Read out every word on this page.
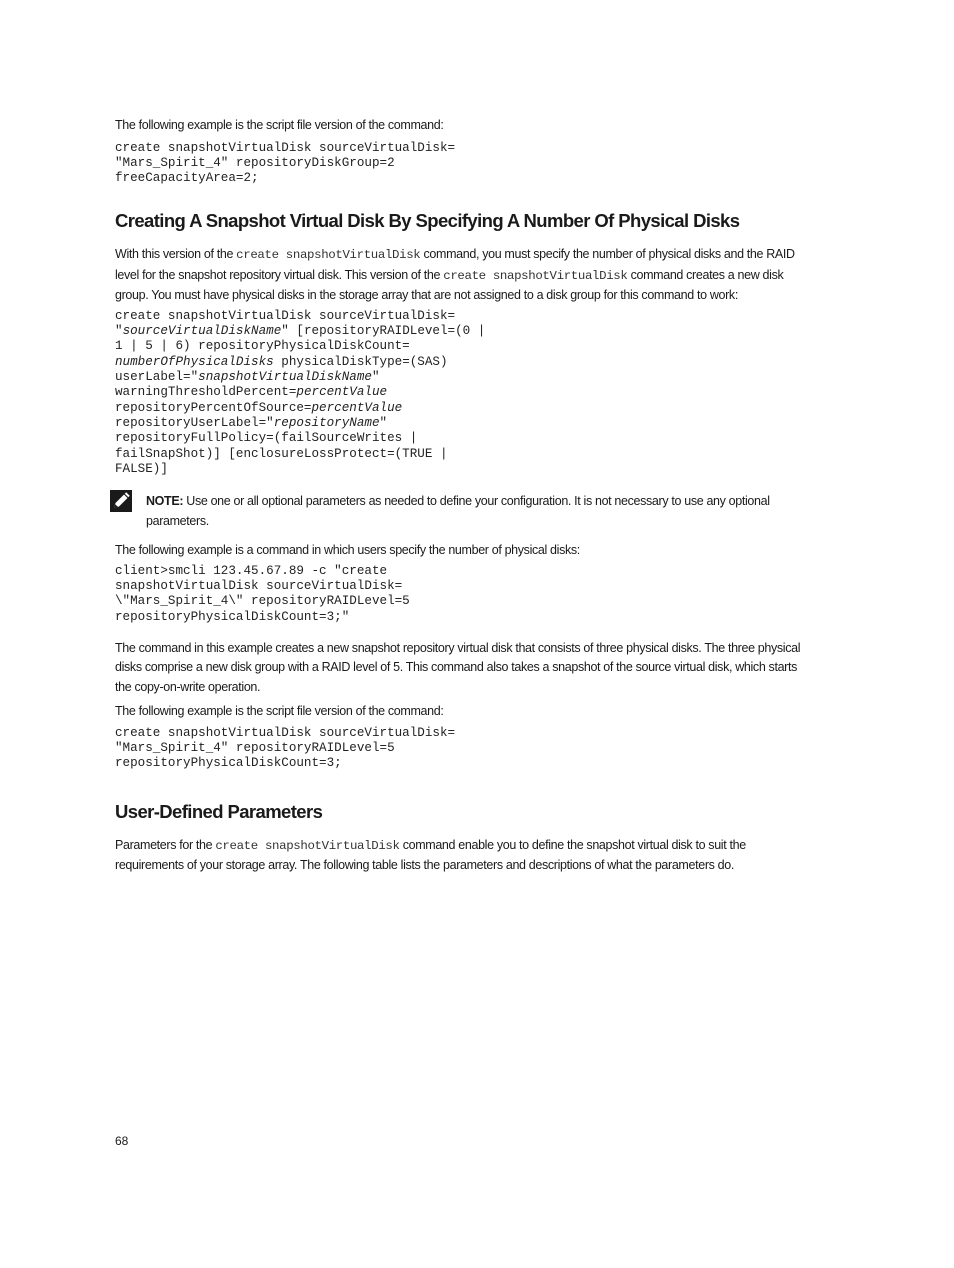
The following example is the script file version of the command:

create snapshotVirtualDisk sourceVirtualDisk=
"Mars_Spirit_4" repositoryDiskGroup=2
freeCapacityArea=2;
Creating A Snapshot Virtual Disk By Specifying A Number Of Physical Disks

With this version of the create snapshotVirtualDisk command, you must specify the number of physical disks and the RAID level for the snapshot repository virtual disk. This version of the create snapshotVirtualDisk command creates a new disk group. You must have physical disks in the storage array that are not assigned to a disk group for this command to work:

create snapshotVirtualDisk sourceVirtualDisk=
"sourceVirtualDiskName" [repositoryRAIDLevel=(0 |
1 | 5 | 6) repositoryPhysicalDiskCount=
numberOfPhysicalDisks physicalDiskType=(SAS)
userLabel="snapshotVirtualDiskName"
warningThresholdPercent=percentValue
repositoryPercentOfSource=percentValue
repositoryUserLabel="repositoryName"
repositoryFullPolicy=(failSourceWrites |
failSnapShot)] [enclosureLossProtect=(TRUE |
FALSE)]

NOTE: Use one or all optional parameters as needed to define your configuration. It is not necessary to use any optional parameters.

The following example is a command in which users specify the number of physical disks:

client>smcli 123.45.67.89 -c "create
snapshotVirtualDisk sourceVirtualDisk=
\"Mars_Spirit_4\" repositoryRAIDLevel=5
repositoryPhysicalDiskCount=3;"

The command in this example creates a new snapshot repository virtual disk that consists of three physical disks. The three physical disks comprise a new disk group with a RAID level of 5. This command also takes a snapshot of the source virtual disk, which starts the copy-on-write operation.

The following example is the script file version of the command:

create snapshotVirtualDisk sourceVirtualDisk=
"Mars_Spirit_4" repositoryRAIDLevel=5
repositoryPhysicalDiskCount=3;
User-Defined Parameters

Parameters for the create snapshotVirtualDisk command enable you to define the snapshot virtual disk to suit the requirements of your storage array. The following table lists the parameters and descriptions of what the parameters do.

68
